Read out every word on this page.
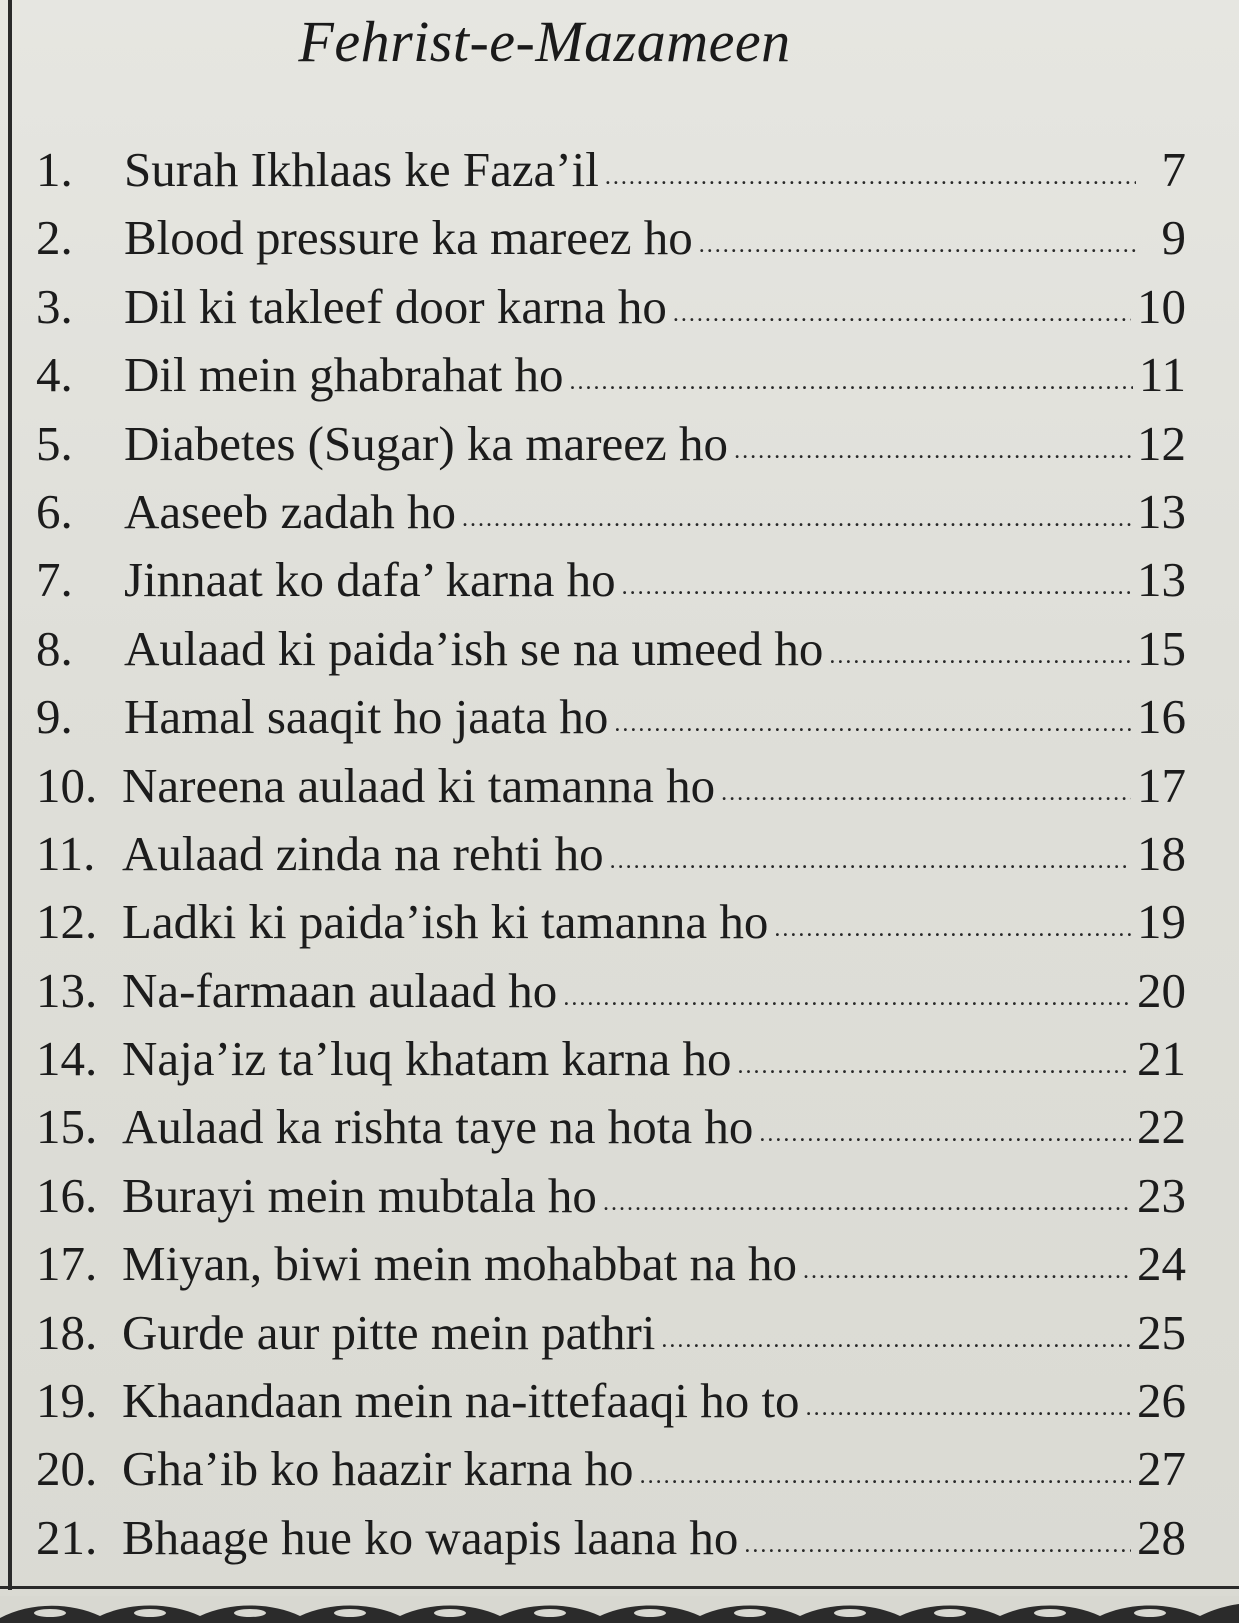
Fehrist-e-Mazameen
1.	Surah Ikhlaas ke Faza’il .....	7
2.	Blood pressure ka mareez ho .....	9
3.	Dil ki takleef door karna ho .....	10
4.	Dil mein ghabrahat ho .....	11
5.	Diabetes (Sugar) ka mareez ho .....	12
6.	Aaseeb zadah ho .....	13
7.	Jinnaat ko dafa’ karna ho .....	13
8.	Aulaad ki paida’ish se na umeed ho .....	15
9.	Hamal saaqit ho jaata ho .....	16
10. Nareena aulaad ki tamanna ho .....	17
11. Aulaad zinda na rehti ho .....	18
12. Ladki ki paida’ish ki tamanna ho .....	19
13. Na-farmaan aulaad ho .....	20
14. Naja’iz ta’luq khatam karna ho .....	21
15. Aulaad ka rishta taye na hota ho .....	22
16. Burayi mein mubtala ho .....	23
17. Miyan, biwi mein mohabbat na ho .....	24
18. Gurde aur pitte mein pathri .....	25
19. Khaandaan mein na-ittefaaqi ho to .....	26
20. Gha’ib ko haazir karna ho .....	27
21. Bhaage hue ko waapis laana ho .....	28
